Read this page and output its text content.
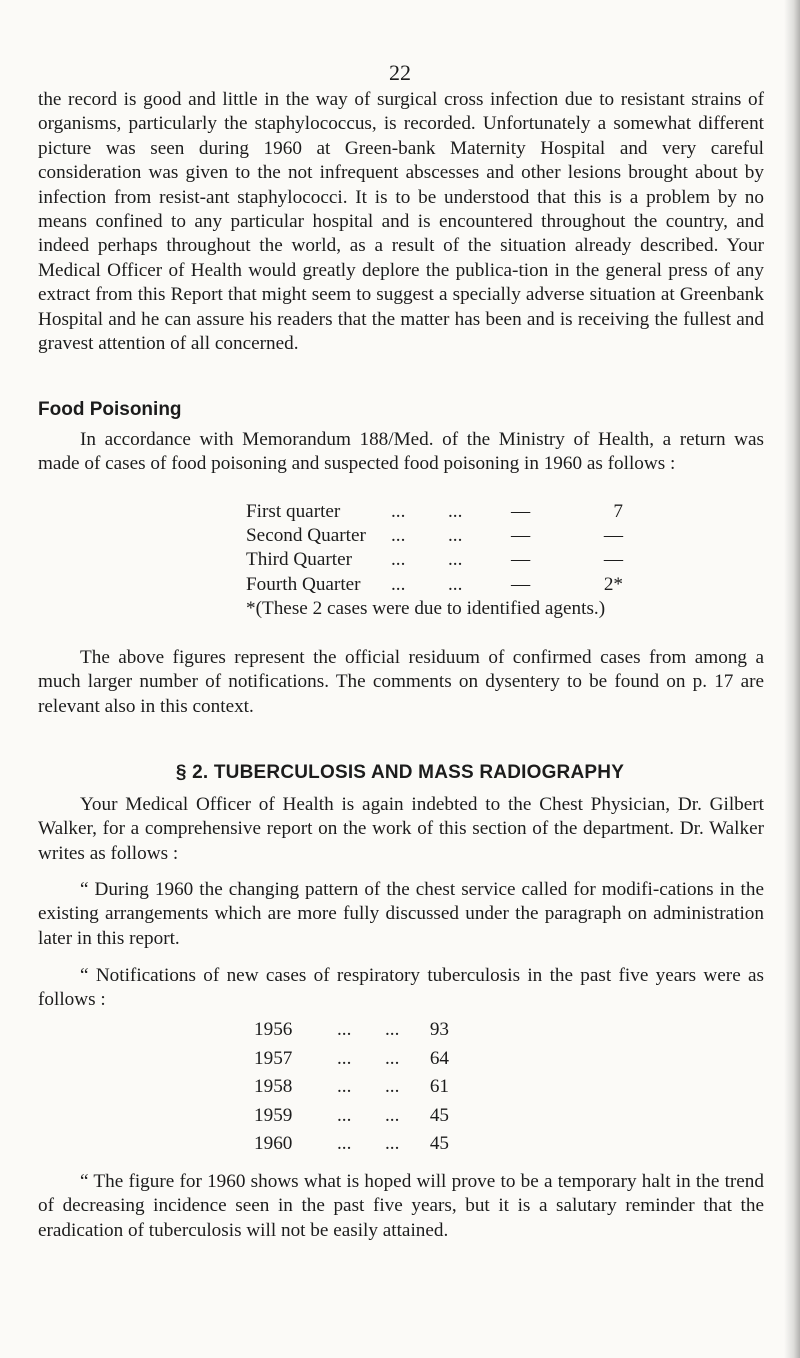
22

the record is good and little in the way of surgical cross infection due to resistant strains of organisms, particularly the staphylococcus, is recorded. Unfortunately a somewhat different picture was seen during 1960 at Green-bank Maternity Hospital and very careful consideration was given to the not infrequent abscesses and other lesions brought about by infection from resist-ant staphylococci. It is to be understood that this is a problem by no means confined to any particular hospital and is encountered throughout the country, and indeed perhaps throughout the world, as a result of the situation already described. Your Medical Officer of Health would greatly deplore the publica-tion in the general press of any extract from this Report that might seem to suggest a specially adverse situation at Greenbank Hospital and he can assure his readers that the matter has been and is receiving the fullest and gravest attention of all concerned.

Food Poisoning

In accordance with Memorandum 188/Med. of the Ministry of Health, a return was made of cases of food poisoning and suspected food poisoning in 1960 as follows :

First quarter	... ...	—	7
Second Quarter ... ...	—	—
Third Quarter ... ...	—	—
Fourth Quarter ... ...	—	2*
*(These 2 cases were due to identified agents.)

The above figures represent the official residuum of confirmed cases from among a much larger number of notifications. The comments on dysentery to be found on p. 17 are relevant also in this context.

§ 2. TUBERCULOSIS AND MASS RADIOGRAPHY

Your Medical Officer of Health is again indebted to the Chest Physician, Dr. Gilbert Walker, for a comprehensive report on the work of this section of the department. Dr. Walker writes as follows :

“ During 1960 the changing pattern of the chest service called for modifi-cations in the existing arrangements which are more fully discussed under the paragraph on administration later in this report.

“ Notifications of new cases of respiratory tuberculosis in the past five years were as follows :

1956 ... ...	93
1957 ... ...	64
1958 ... ...	61
1959 ... ...	45
1960 ... ...	45

“ The figure for 1960 shows what is hoped will prove to be a temporary halt in the trend of decreasing incidence seen in the past five years, but it is a salutary reminder that the eradication of tuberculosis will not be easily attained.
